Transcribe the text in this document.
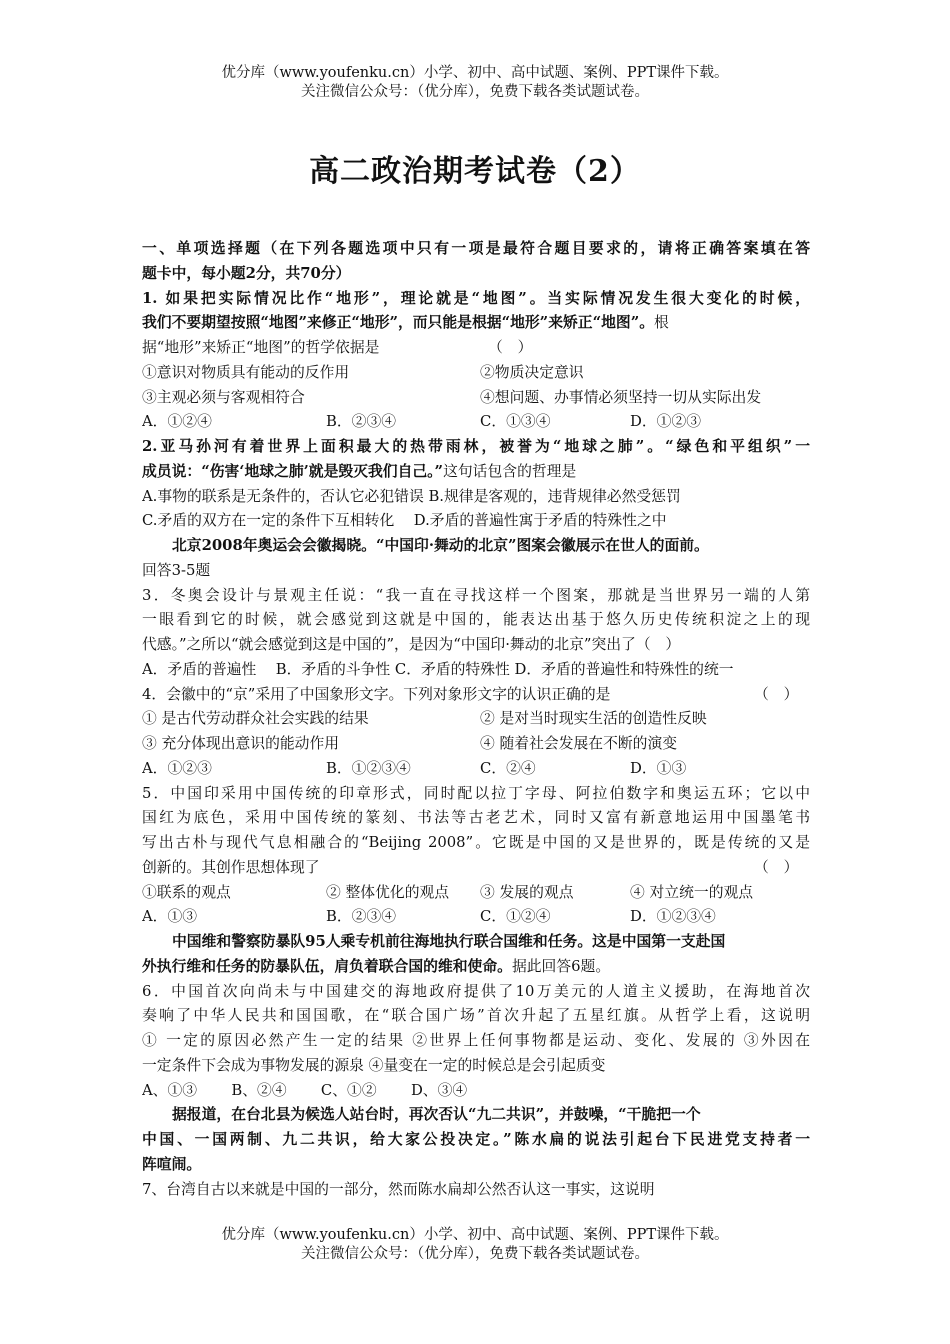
优分库（www.youfenku.cn）小学、初中、高中试题、案例、PPT课件下载。
关注微信公众号：（优分库），免费下载各类试题试卷。
高二政治期考试卷（2）
一、单项选择题（在下列各题选项中只有一项是最符合题目要求的，请将正确答案填在答
题卡中，每小题2分，共70分）
1. 如果把实际情况比作“地形”，理论就是“地图”。当实际情况发生很大变化的时候，
我们不要期望按照“地图”来修正“地形”，而只能是根据“地形”来矫正“地图”。根
据“地形”来矫正“地图”的哲学依据是	（　）
①意识对物质具有能动的反作用	②物质决定意识
③主观必须与客观相符合	④想问题、办事情必须坚持一切从实际出发
A．①②④	B．②③④	C．①③④	D．①②③
2.亚马孙河有着世界上面积最大的热带雨林，被誉为“地球之肺”。“绿色和平组织”一
成员说：“伤害‘地球之肺’就是毁灭我们自己。”这句话包含的哲理是
A.事物的联系是无条件的，否认它必犯错误 B.规律是客观的，违背规律必然受惩罚
C.矛盾的双方在一定的条件下互相转化　 D.矛盾的普遍性寓于矛盾的特殊性之中
北京2008年奥运会会徽揭晓。“中国印·舞动的北京”图案会徽展示在世人的面前。
回答3-5题
3．冬奥会设计与景观主任说：“我一直在寻找这样一个图案，那就是当世界另一端的人第
一眼看到它的时候，就会感觉到这就是中国的，能表达出基于悠久历史传统积淀之上的现
代感。”之所以“就会感觉到这是中国的”，是因为“中国印·舞动的北京”突出了（　）
A．矛盾的普遍性　 B．矛盾的斗争性 C．矛盾的特殊性 D．矛盾的普遍性和特殊性的统一
4．会徽中的“京”采用了中国象形文字。下列对象形文字的认识正确的是	（　）
① 是古代劳动群众社会实践的结果	② 是对当时现实生活的创造性反映
③ 充分体现出意识的能动作用	④ 随着社会发展在不断的演变
A．①②③	B．①②③④	C．②④	D．①③
5．中国印采用中国传统的印章形式，同时配以拉丁字母、阿拉伯数字和奥运五环；它以中
国红为底色，采用中国传统的篆刻、书法等古老艺术，同时又富有新意地运用中国墨笔书
写出古朴与现代气息相融合的“Beijing 2008”。它既是中国的又是世界的，既是传统的又是
创新的。其创作思想体现了	（　）
①联系的观点	② 整体优化的观点 ③ 发展的观点	④ 对立统一的观点
A．①③	B．②③④	C．①②④	D．①②③④
中国维和警察防暴队95人乘专机前往海地执行联合国维和任务。这是中国第一支赴国
外执行维和任务的防暴队伍，肩负着联合国的维和使命。据此回答6题。
6．中国首次向尚未与中国建交的海地政府提供了10万美元的人道主义援助，在海地首次
奏响了中华人民共和国国歌，在“联合国广场”首次升起了五星红旗。从哲学上看，这说明
① 一定的原因必然产生一定的结果 ②世界上任何事物都是运动、变化、发展的 ③外因在
一定条件下会成为事物发展的源泉 ④量变在一定的时候总是会引起质变
A、①③　　 B、②④　　 C、①②　　 D、③④
据报道，在台北县为候选人站台时，再次否认“九二共识”，并鼓噪，“干脆把一个
中国、一国两制、九二共识，给大家公投决定。”陈水扁的说法引起台下民进党支持者一
阵喧闹。
7、台湾自古以来就是中国的一部分，然而陈水扁却公然否认这一事实，这说明
优分库（www.youfenku.cn）小学、初中、高中试题、案例、PPT课件下载。
关注微信公众号：（优分库），免费下载各类试题试卷。
